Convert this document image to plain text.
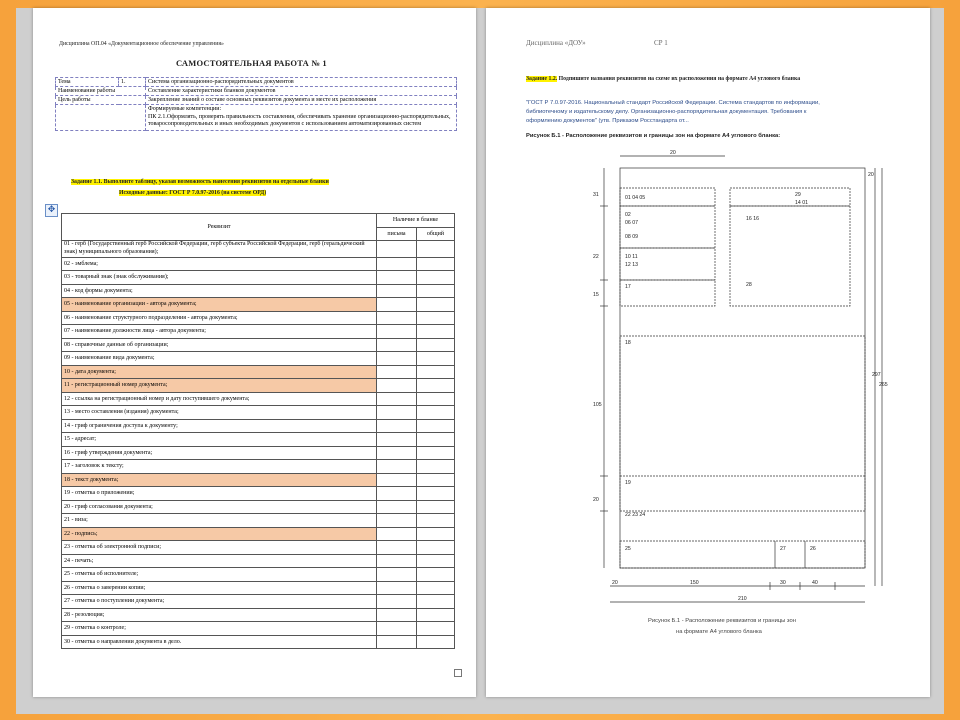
Дисциплина ОП.04 «Документационное обеспечение управления»
САМОСТОЯТЕЛЬНАЯ РАБОТА № 1
Тема	1.	Система организационно-распорядительных документов
Наименование работы		Составление характеристики бланков документов
Цель работы		Закрепление знаний о составе основных реквизитов документа и месте их расположения

		Формируемые компетенции:
ПК 2.1.Оформлять, проверять правильность составления, обеспечивать хранение организационно-распорядительных, товаросопроводительных и иных необходимых документов с использованием автоматизированных систем
Задание 1.1. Выполните таблицу, указав возможность нанесения реквизитов на отдельные бланки
Исходные данные: ГОСТ Р 7.0.97-2016 (на системе ОРД)
✥
Реквизит	Наличие в бланке	
	письма	общий
01 - герб (Государственный герб Российской Федерации, герб субъекта Российской Федерации, герб (геральдический знак) муниципального образования);		
02 - эмблема;		
03 - товарный знак (знак обслуживания);		
04 - код формы документа;		
05 - наименование организации - автора документа;		
06 - наименование структурного подразделения - автора документа;		
07 - наименование должности лица - автора документа;		
08 - справочные данные об организации;		
09 - наименование вида документа;		
10 - дата документа;		
11 - регистрационный номер документа;		
12 - ссылка на регистрационный номер и дату поступившего документа;		
13 - место составления (издания) документа;		
14 - гриф ограничения доступа к документу;		
15 - адресат;		
16 - гриф утверждения документа;		
17 - заголовок к тексту;		
18 - текст документа;		
19 - отметка о приложении;		
20 - гриф согласования документа;		
21 - виза;		
22 - подпись;		
23 - отметка об электронной подписи;		
24 - печать;		
25 - отметка об исполнителе;		
26 - отметка о заверении копии;		
27 - отметка о поступлении документа;		
28 - резолюция;		
29 - отметка о контроле;		
30 - отметка о направлении документа в дело.		
Дисциплина «ДОУ»	СР 1
Задание 1.2. Подпишите названия реквизитов на схеме их расположения на формате А4 углового бланка
"ГОСТ Р 7.0.97-2016. Национальный стандарт Российской Федерации. Система стандартов по информации,
библиотечному и издательскому делу. Организационно-распорядительная документация. Требования к
оформлению документов" (утв. Приказом Росстандарта от...
Рисунок Б.1 - Расположение реквизитов и границы зон на формате А4 углового бланка:
20
31
22
15
105
20
20
297
265
20	150	30	40
210
01 04 05
02 06 07
08 09
10 11 12 13
17
29 14 01
16 16
28
18
19
22 23 24
25	27	26
Рисунок Б.1 - Расположение реквизитов и границы зон
на формате А4 углового бланка
